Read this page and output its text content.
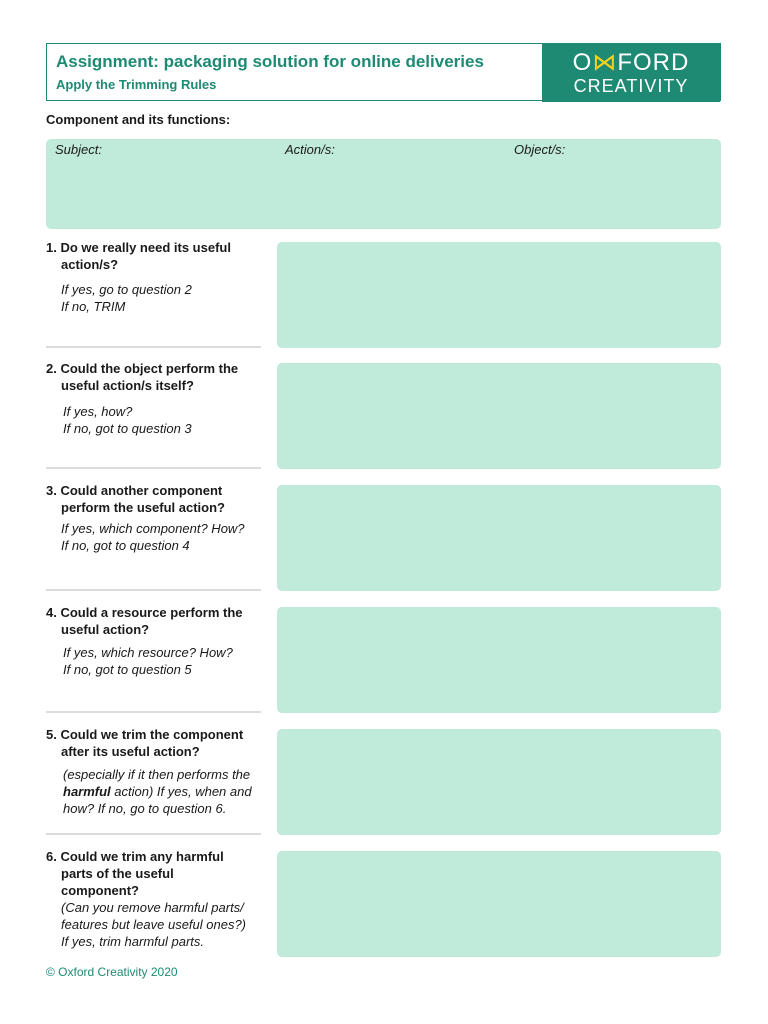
Assignment: packaging solution for online deliveries
Apply the Trimming Rules
O⋈FORD
CREATIVITY
Component and its functions:
Subject:	Action/s:	Object/s:
1. Do we really need its useful action/s?
If yes, go to question 2
If no, TRIM
2. Could the object perform the useful action/s itself?
If yes, how?
If no, got to question 3
3. Could another component perform the useful action?
If yes, which component? How?
If no, got to question 4
4. Could a resource perform the useful action?
If yes, which resource? How?
If no, got to question 5
5. Could we trim the component after its useful action?
(especially if it then performs the harmful action) If yes, when and how? If no, go to question 6.
6. Could we trim any harmful parts of the useful component?
(Can you remove harmful parts/ features but leave useful ones?)
If yes, trim harmful parts.
© Oxford Creativity 2020
